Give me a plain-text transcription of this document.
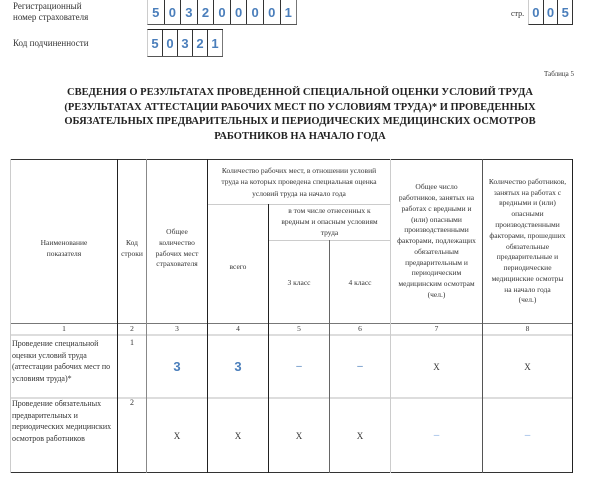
Регистрационный
номер страхователя
Код подчиненности
5 0 3 2 0 0 0 0 1
5 0 3 2 1
стр. 0 0 5
Таблица 5
СВЕДЕНИЯ О РЕЗУЛЬТАТАХ ПРОВЕДЕННОЙ СПЕЦИАЛЬНОЙ ОЦЕНКИ УСЛОВИЙ ТРУДА
(РЕЗУЛЬТАТАХ АТТЕСТАЦИИ РАБОЧИХ МЕСТ ПО УСЛОВИЯМ ТРУДА)* И ПРОВЕДЕННЫХ
ОБЯЗАТЕЛЬНЫХ ПРЕДВАРИТЕЛЬНЫХ И ПЕРИОДИЧЕСКИХ МЕДИЦИНСКИХ ОСМОТРОВ
РАБОТНИКОВ НА НАЧАЛО ГОДА
Наименование
показателя
Код
строки
Общее
количество
рабочих мест
страхователя
Количество рабочих мест, в отношении условий
труда на которых проведена специальная оценка
условий труда на начало года
всего
в том числе отнесенных к
вредным и опасным условиям
труда
3 класс	4 класс
Общее число
работников, занятых на
работах с вредными и
(или) опасными
производственными
факторами, подлежащих
обязательным
предварительным и
периодическим
медицинским осмотрам
(чел.)
Количество работников,
занятых на работах с
вредными и (или)
опасными
производственными
факторами, прошедших
обязательные
предварительные и
периодические
медицинские осмотры
на начало года
(чел.)
1	2	3	4	5	6	7	8
Проведение специальной
оценки условий труда
(аттестации рабочих мест по
условиям труда)*
1
3	3	–	–	X	X
Проведение обязательных
предварительных и
периодических медицинских
осмотров работников
2
X	X	X	X	–	–
